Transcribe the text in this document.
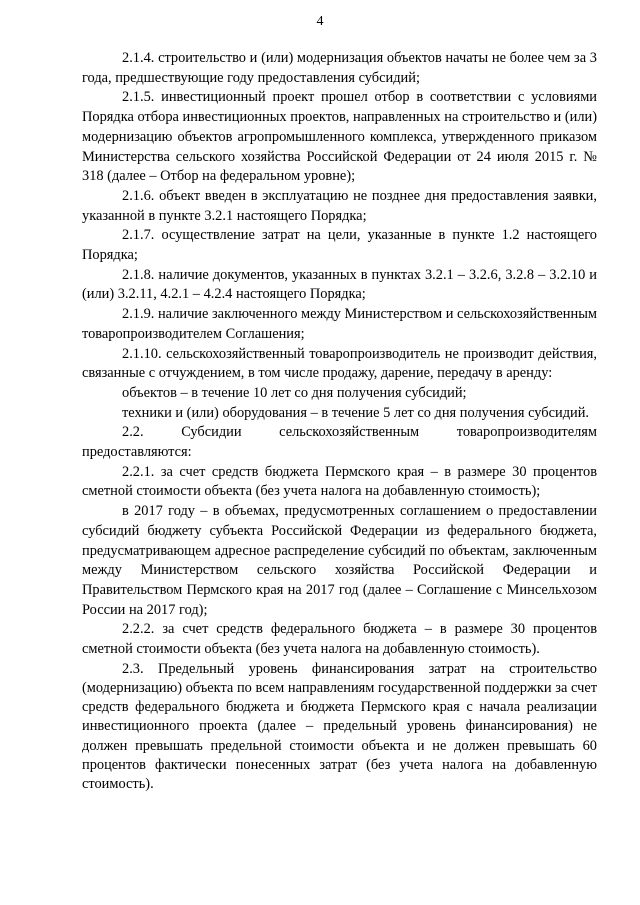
4

2.1.4. строительство и (или) модернизация объектов начаты не более чем за 3 года, предшествующие году предоставления субсидий;

2.1.5. инвестиционный проект прошел отбор в соответствии с условиями Порядка отбора инвестиционных проектов, направленных на строительство и (или) модернизацию объектов агропромышленного комплекса, утвержденного приказом Министерства сельского хозяйства Российской Федерации от 24 июля 2015 г. № 318 (далее – Отбор на федеральном уровне);

2.1.6. объект введен в эксплуатацию не позднее дня предоставления заявки, указанной в пункте 3.2.1 настоящего Порядка;

2.1.7. осуществление затрат на цели, указанные в пункте 1.2 настоящего Порядка;

2.1.8. наличие документов, указанных в пунктах 3.2.1 – 3.2.6, 3.2.8 – 3.2.10 и (или) 3.2.11, 4.2.1 – 4.2.4 настоящего Порядка;

2.1.9. наличие заключенного между Министерством и сельскохозяйственным товаропроизводителем Соглашения;

2.1.10. сельскохозяйственный товаропроизводитель не производит действия, связанные с отчуждением, в том числе продажу, дарение, передачу в аренду:

объектов – в течение 10 лет со дня получения субсидий;

техники и (или) оборудования – в течение 5 лет со дня получения субсидий.

2.2. Субсидии сельскохозяйственным товаропроизводителям предоставляются:

2.2.1. за счет средств бюджета Пермского края – в размере 30 процентов сметной стоимости объекта (без учета налога на добавленную стоимость);

в 2017 году – в объемах, предусмотренных соглашением о предоставлении субсидий бюджету субъекта Российской Федерации из федерального бюджета, предусматривающем адресное распределение субсидий по объектам, заключенным между Министерством сельского хозяйства Российской Федерации и Правительством Пермского края на 2017 год (далее – Соглашение с Минсельхозом России на 2017 год);

2.2.2. за счет средств федерального бюджета – в размере 30 процентов сметной стоимости объекта (без учета налога на добавленную стоимость).

2.3. Предельный уровень финансирования затрат на строительство (модернизацию) объекта по всем направлениям государственной поддержки за счет средств федерального бюджета и бюджета Пермского края с начала реализации инвестиционного проекта (далее – предельный уровень финансирования) не должен превышать предельной стоимости объекта и не должен превышать 60 процентов фактически понесенных затрат (без учета налога на добавленную стоимость).
